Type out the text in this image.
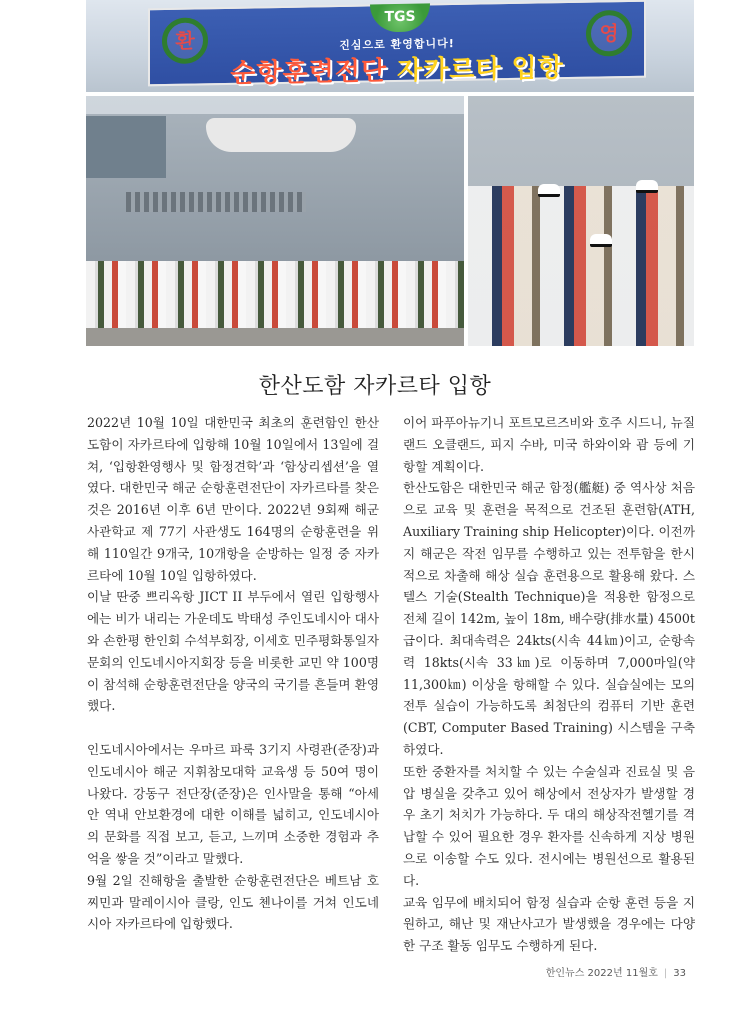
TGS
환	영
진심으로 환영합니다!
순항훈련전단 자카르타 입항
한산도함 자카르타 입항

2022년 10월 10일 대한민국 최초의 훈련함인 한산도함이 자카르타에 입항해 10월 10일에서 13일에 걸쳐, ‘입항환영행사 및 함정견학’과 ‘함상리셉션’을 열였다. 대한민국 해군 순항훈련전단이 자카르타를 찾은 것은 2016년 이후 6년 만이다. 2022년 9회째 해군사관학교 제 77기 사관생도 164명의 순항훈련을 위해 110일간 9개국, 10개항을 순방하는 일정 중 자카르타에 10월 10일 입항하였다.

이날 딴중 쁘리옥항 JICT II 부두에서 열린 입항행사에는 비가 내리는 가운데도 박태성 주인도네시아 대사와 손한평 한인회 수석부회장, 이세호 민주평화통일자문회의 인도네시아지회장 등을 비롯한 교민 약 100명이 참석해 순항훈련전단을 양국의 국기를 흔들며 환영했다.

인도네시아에서는 우마르 파룩 3기지 사령관(준장)과 인도네시아 해군 지휘참모대학 교육생 등 50여 명이 나왔다. 강동구 전단장(준장)은 인사말을 통해 “아세안 역내 안보환경에 대한 이해를 넓히고, 인도네시아의 문화를 직접 보고, 듣고, 느끼며 소중한 경험과 추억을 쌓을 것”이라고 말했다.

9월 2일 진해항을 출발한 순항훈련전단은 베트남 호찌민과 말레이시아 클랑, 인도 첸나이를 거쳐 인도네시아 자카르타에 입항했다.

이어 파푸아뉴기니 포트모르즈비와 호주 시드니, 뉴질랜드 오클랜드, 피지 수바, 미국 하와이와 괌 등에 기항할 계획이다.

한산도함은 대한민국 해군 함정(艦艇) 중 역사상 처음으로 교육 및 훈련을 목적으로 건조된 훈련함(ATH, Auxiliary Training ship Helicopter)이다. 이전까지 해군은 작전 임무를 수행하고 있는 전투함을 한시적으로 차출해 해상 실습 훈련용으로 활용해 왔다. 스텔스 기술(Stealth Technique)을 적용한 함정으로 전체 길이 142m, 높이 18m, 배수량(排水量) 4500t급이다. 최대속력은 24kts(시속 44㎞)이고, 순항속력 18kts(시속 33㎞)로 이동하며 7,000마일(약 11,300㎞) 이상을 항해할 수 있다. 실습실에는 모의 전투 실습이 가능하도록 최첨단의 컴퓨터 기반 훈련(CBT, Computer Based Training) 시스템을 구축하였다.

또한 중환자를 처치할 수 있는 수술실과 진료실 및 음압 병실을 갖추고 있어 해상에서 전상자가 발생할 경우 초기 처치가 가능하다. 두 대의 해상작전헬기를 격납할 수 있어 필요한 경우 환자를 신속하게 지상 병원으로 이송할 수도 있다. 전시에는 병원선으로 활용된다.

교육 임무에 배치되어 함정 실습과 순항 훈련 등을 지원하고, 해난 및 재난사고가 발생했을 경우에는 다양한 구조 활동 임무도 수행하게 된다.

한인뉴스 2022년 11월호 | 33
